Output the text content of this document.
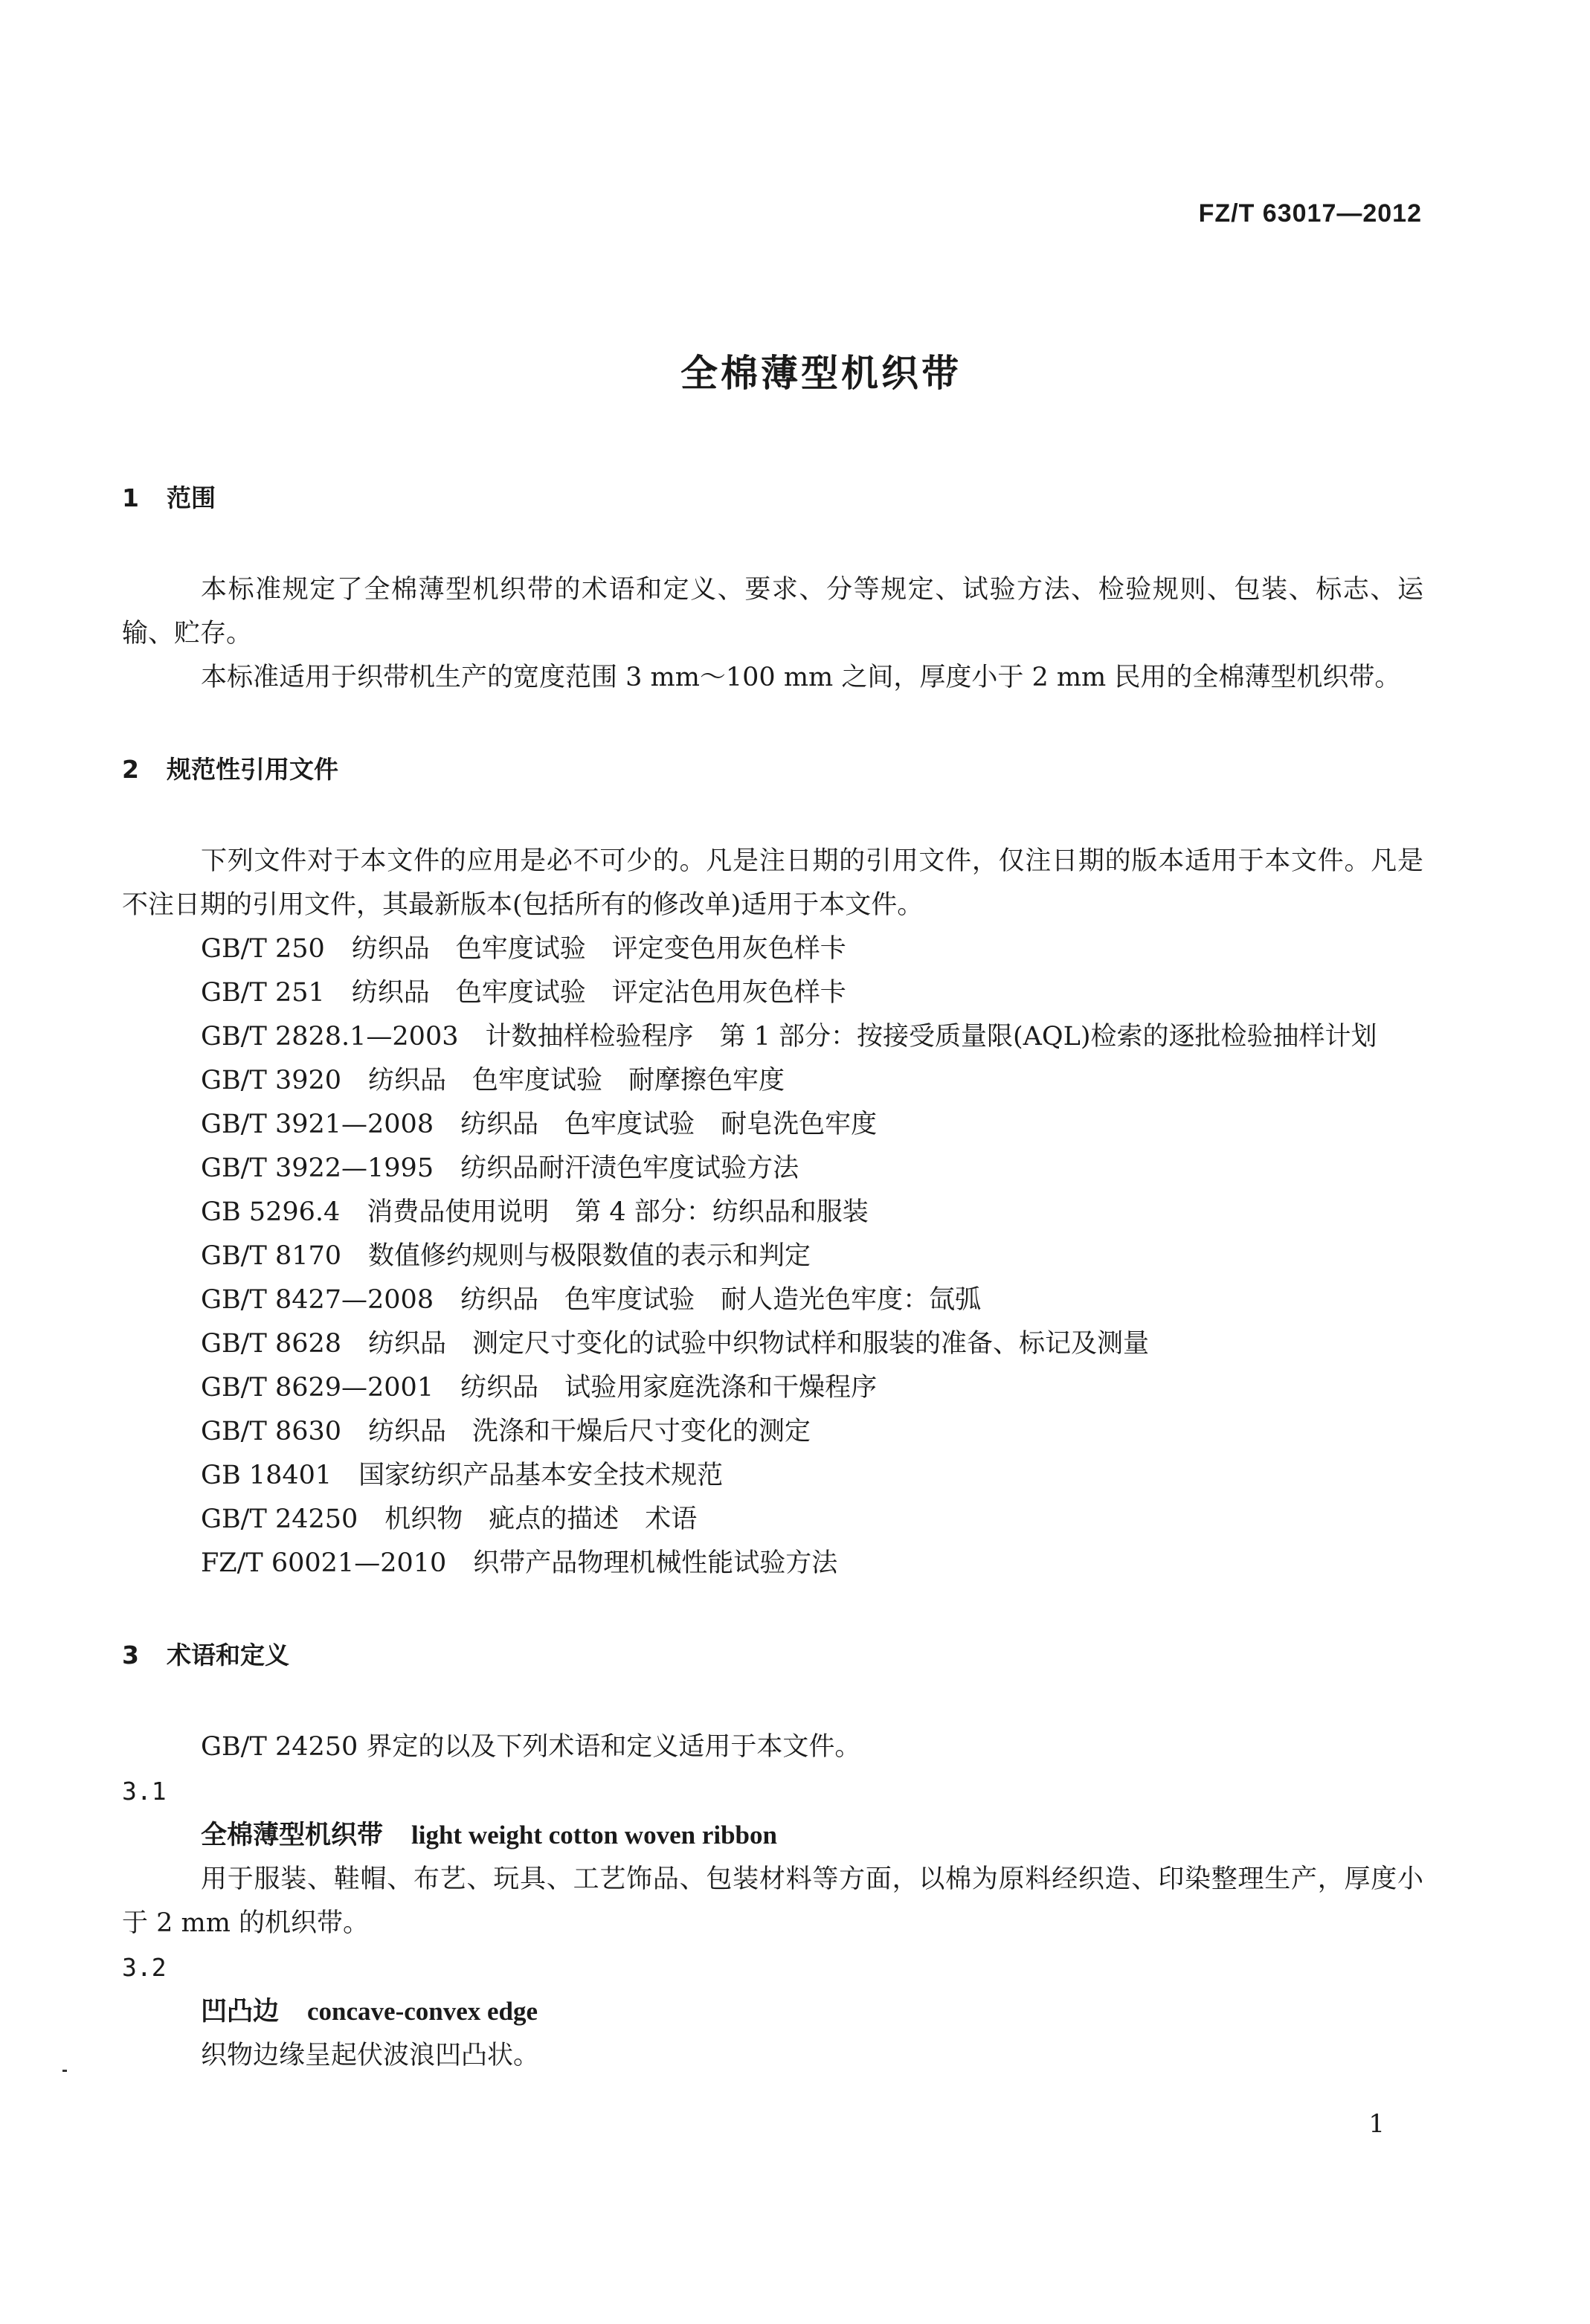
FZ/T 63017—2012
全棉薄型机织带
1 范围

本标准规定了全棉薄型机织带的术语和定义、要求、分等规定、试验方法、检验规则、包装、标志、运输、贮存。

本标准适用于织带机生产的宽度范围 3 mm～100 mm 之间，厚度小于 2 mm 民用的全棉薄型机织带。

2 规范性引用文件

下列文件对于本文件的应用是必不可少的。凡是注日期的引用文件，仅注日期的版本适用于本文件。凡是不注日期的引用文件，其最新版本(包括所有的修改单)适用于本文件。

GB/T 250 纺织品　色牢度试验　评定变色用灰色样卡
GB/T 251 纺织品　色牢度试验　评定沾色用灰色样卡
GB/T 2828.1—2003 计数抽样检验程序　第 1 部分：按接受质量限(AQL)检索的逐批检验抽样计划
GB/T 3920 纺织品　色牢度试验　耐摩擦色牢度
GB/T 3921—2008 纺织品　色牢度试验　耐皂洗色牢度
GB/T 3922—1995 纺织品耐汗渍色牢度试验方法
GB 5296.4 消费品使用说明　第 4 部分：纺织品和服装
GB/T 8170 数值修约规则与极限数值的表示和判定
GB/T 8427—2008 纺织品　色牢度试验　耐人造光色牢度：氙弧
GB/T 8628 纺织品　测定尺寸变化的试验中织物试样和服装的准备、标记及测量
GB/T 8629—2001 纺织品　试验用家庭洗涤和干燥程序
GB/T 8630 纺织品　洗涤和干燥后尺寸变化的测定
GB 18401 国家纺织产品基本安全技术规范
GB/T 24250 机织物　疵点的描述　术语
FZ/T 60021—2010 织带产品物理机械性能试验方法
3 术语和定义

GB/T 24250 界定的以及下列术语和定义适用于本文件。

3.1

全棉薄型机织带 light weight cotton woven ribbon

用于服装、鞋帽、布艺、玩具、工艺饰品、包装材料等方面，以棉为原料经织造、印染整理生产，厚度小于 2 mm 的机织带。

3.2

凹凸边 concave-convex edge

织物边缘呈起伏波浪凹凸状。

1
